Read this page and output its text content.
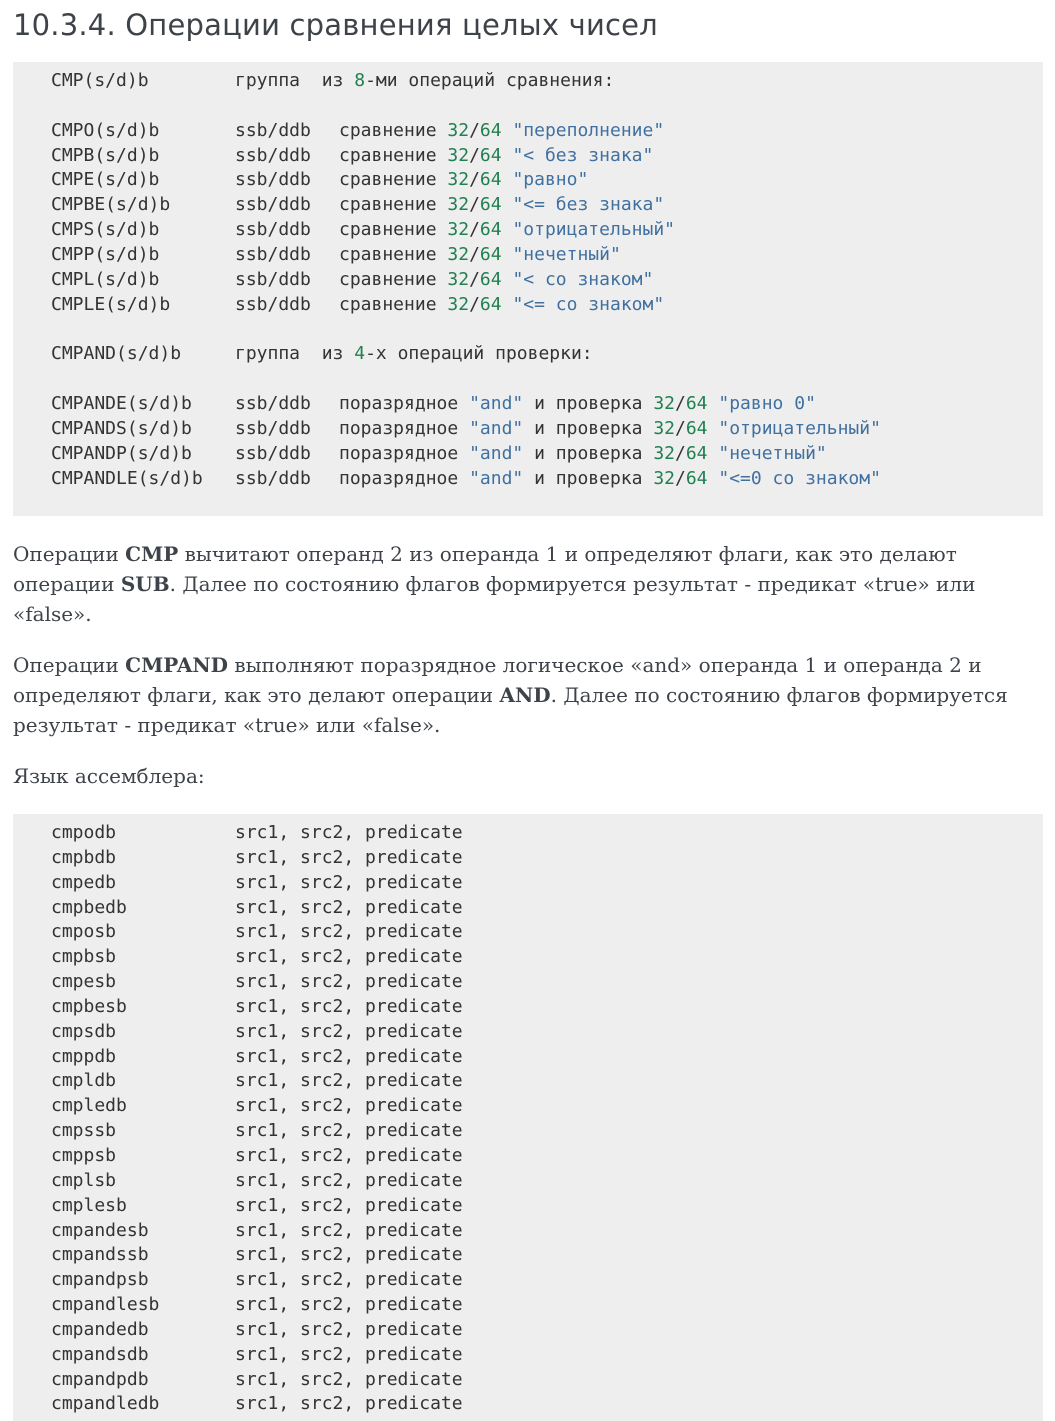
10.3.4. Операции сравнения целых чисел
CMP(s/d)b	группа  из 8-ми операций сравнения:

CMPO(s/d)b	ssb/ddb сравнение 32/64 "переполнение"
CMPB(s/d)b	ssb/ddb сравнение 32/64 "< без знака"
CMPE(s/d)b	ssb/ddb сравнение 32/64 "равно"
CMPBE(s/d)b	ssb/ddb сравнение 32/64 "<= без знака"
CMPS(s/d)b	ssb/ddb сравнение 32/64 "отрицательный"
CMPP(s/d)b	ssb/ddb сравнение 32/64 "нечетный"
CMPL(s/d)b	ssb/ddb сравнение 32/64 "< со знаком"
CMPLE(s/d)b	ssb/ddb сравнение 32/64 "<= со знаком"

CMPAND(s/d)b	группа  из 4-х операций проверки:

CMPANDE(s/d)b ssb/ddb поразрядное "and" и проверка 32/64 "равно 0"
CMPANDS(s/d)b ssb/ddb поразрядное "and" и проверка 32/64 "отрицательный"
CMPANDP(s/d)b ssb/ddb поразрядное "and" и проверка 32/64 "нечетный"
CMPANDLE(s/d)b ssb/ddb поразрядное "and" и проверка 32/64 "<=0 со знаком"

Операции CMP вычитают операнд 2 из операнда 1 и определяют флаги, как это делают операции SUB. Далее по состоянию флагов формируется результат - предикат «true» или «false».

Операции CMPAND выполняют поразрядное логическое «and» операнда 1 и операнда 2 и определяют флаги, как это делают операции AND. Далее по состоянию флагов формируется результат - предикат «true» или «false».

Язык ассемблера:

cmpodb	src1, src2, predicate
cmpbdb	src1, src2, predicate
cmpedb	src1, src2, predicate
cmpbedb	src1, src2, predicate
cmposb	src1, src2, predicate
cmpbsb	src1, src2, predicate
cmpesb	src1, src2, predicate
cmpbesb	src1, src2, predicate
cmpsdb	src1, src2, predicate
cmppdb	src1, src2, predicate
cmpldb	src1, src2, predicate
cmpledb	src1, src2, predicate
cmpssb	src1, src2, predicate
cmppsb	src1, src2, predicate
cmplsb	src1, src2, predicate
cmplesb	src1, src2, predicate
cmpandesb	src1, src2, predicate
cmpandssb	src1, src2, predicate
cmpandpsb	src1, src2, predicate
cmpandlesb	src1, src2, predicate
cmpandedb	src1, src2, predicate
cmpandsdb	src1, src2, predicate
cmpandpdb	src1, src2, predicate
cmpandledb	src1, src2, predicate
